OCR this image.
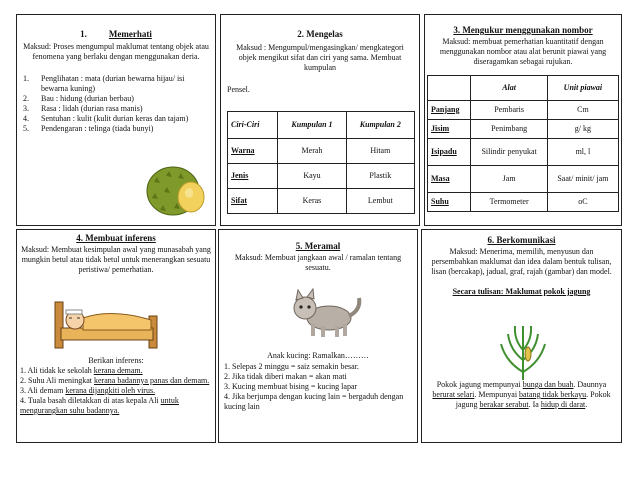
1. Memerhati
Maksud: Proses mengumpul maklumat tentang objek atau fenomena yang berlaku dengan menggunakan deria.
1.	Penglihatan : mata (durian bewarna hijau/ isi bewarna kuning)
2.	Bau : hidung (durian berbau)
3.	Rasa : lidah (durian rasa manis)
4.	Sentuhan : kulit (kulit durian keras dan tajam)
5.	Pendengaran : telinga (tiada bunyi)
2. Mengelas
Maksud : Mengumpul/mengasingkan/ mengkategori objek mengikut sifat dan ciri yang sama. Membuat kumpulan
Pensel.
Ciri-Ciri	Kumpulan 1	Kumpulan 2
Warna	Merah	Hitam
Jenis	Kayu	Plastik
Sifat	Keras	Lembut
3. Mengukur menggunakan nombor
Maksud: membuat pemerhatian kuantitatif dengan menggunakan nombor atau alat berunit piawai yang diseragamkan sebagai rujukan.
	Alat	Unit piawai
Panjang	Pembaris	Cm
Jisim	Penimbang	g/ kg
Isipadu	Silindir penyukat	ml, l
Masa	Jam	Saat/ minit/ jam
Suhu	Termometer	oC
4. Membuat inferens
Maksud: Membuat kesimpulan awal yang munasabah yang mungkin betul atau tidak betul untuk menerangkan sesuatu peristiwa/ pemerhatian.
Berikan inferens:
1. Ali tidak ke sekolah kerana demam.
2. Suhu Ali meningkat kerana badannya panas dan demam.
3. Ali demam kerana dijangkiti oleh virus.
4. Tuala basah diletakkan di atas kepala Ali untuk mengurangkan suhu badannya.
5. Meramal
Maksud: Membuat jangkaan awal / ramalan tentang sesuatu.
Anak kucing: Ramalkan………
1. Selepas 2 minggu = saiz semakin besar.
2. Jika tidak diberi makan = akan mati
3. Kucing membuat bising = kucing lapar
4. Jika berjumpa dengan kucing lain = bergaduh dengan kucing lain
6. Berkomunikasi
Maksud: Menerima, memilih, menyusun dan persembahkan maklumat dan idea dalam bentuk tulisan, lisan (bercakap), jadual, graf, rajah (gambar) dan model.
Secara tulisan: Maklumat pokok jagung
Pokok jagung mempunyai bunga dan buah. Daunnya berurat selari. Mempunyai batang tidak berkayu. Pokok jagung berakar serabut. Ia hidup di darat.
